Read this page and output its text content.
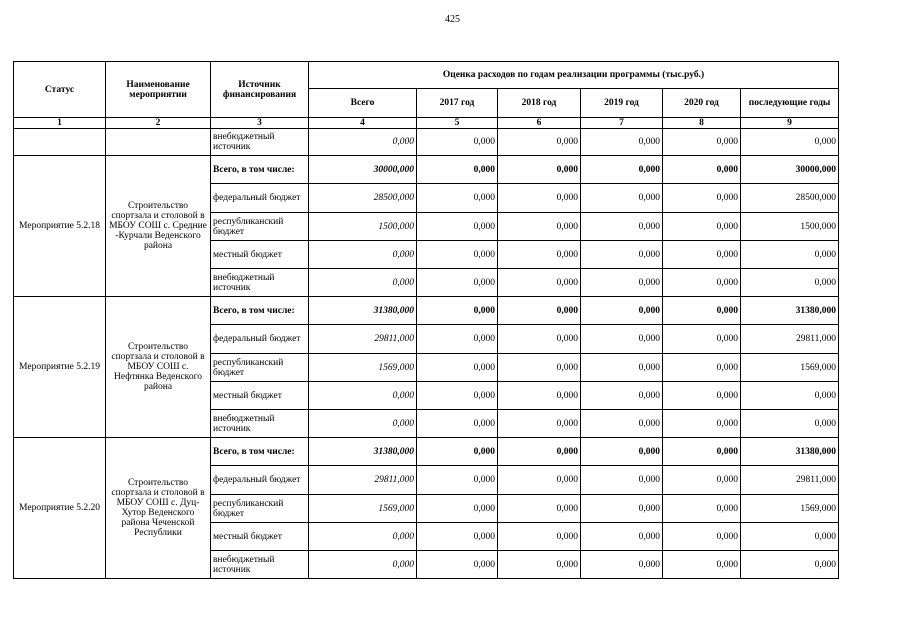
425
Статус	Наименование мероприятии	Источник финансирования	Оценка расходов по годам реализации программы (тыс.руб.)					
			Всего	2017 год	2018 год	2019 год	2020 год	последующие годы
1	2	3	4	5	6	7	8	9
		внебюджетный источник	0,000	0,000	0,000	0,000	0,000	0,000
Мероприятие 5.2.18	Строительство спортзала и столовой в МБОУ СОШ с. Средние -Курчали Веденского района	Всего, в том числе:	30000,000	0,000	0,000	0,000	0,000	30000,000
		федеральный бюджет	28500,000	0,000	0,000	0,000	0,000	28500,000
		республиканский бюджет	1500,000	0,000	0,000	0,000	0,000	1500,000
		местный бюджет	0,000	0,000	0,000	0,000	0,000	0,000
		внебюджетный источник	0,000	0,000	0,000	0,000	0,000	0,000
Мероприятие 5.2.19	Строительство спортзала и столовой в МБОУ СОШ с. Нефтянка Веденского района	Всего, в том числе:	31380,000	0,000	0,000	0,000	0,000	31380,000
		федеральный бюджет	29811,000	0,000	0,000	0,000	0,000	29811,000
		республиканский бюджет	1569,000	0,000	0,000	0,000	0,000	1569,000
		местный бюджет	0,000	0,000	0,000	0,000	0,000	0,000
		внебюджетный источник	0,000	0,000	0,000	0,000	0,000	0,000
Мероприятие 5.2.20	Строительство спортзала и столовой в МБОУ СОШ с. Дуц-Хутор Веденского района Чеченской Республики	Всего, в том числе:	31380,000	0,000	0,000	0,000	0,000	31380,000
		федеральный бюджет	29811,000	0,000	0,000	0,000	0,000	29811,000
		республиканский бюджет	1569,000	0,000	0,000	0,000	0,000	1569,000
		местный бюджет	0,000	0,000	0,000	0,000	0,000	0,000
		внебюджетный источник	0,000	0,000	0,000	0,000	0,000	0,000
